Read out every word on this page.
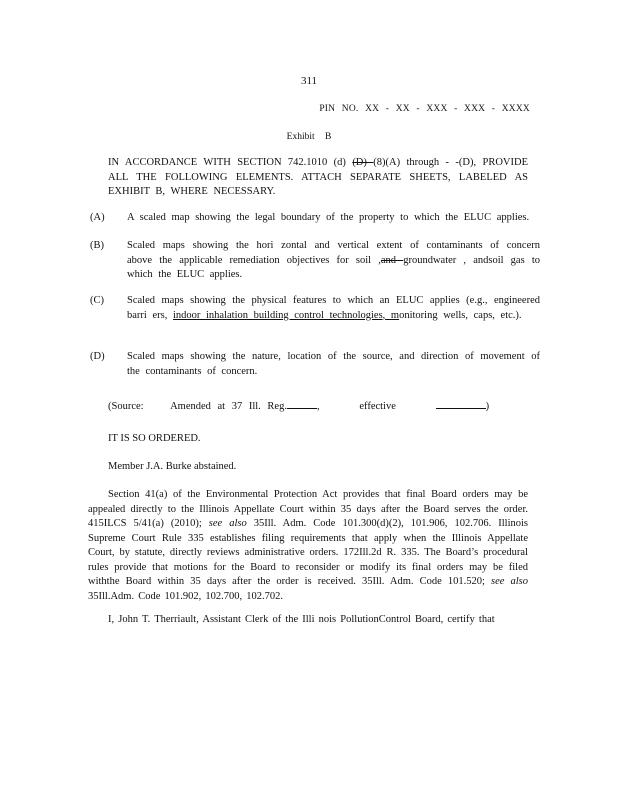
311
PIN NO. XX - XX - XXX - XXX - XXXX
Exhibit B
IN ACCORDANCE WITH SECTION 742.1010 (d) (D) (8)(A) through - -(D), PROVIDE ALL THE FOLLOWING ELEMENTS. ATTACH SEPARATE SHEETS, LABELED AS EXHIBIT B, WHERE NECESSARY.
(A)	A scaled map showing the legal boundary of the property to which the ELUC applies.
(B)	Scaled maps showing the hori zontal and vertical extent of contaminants of concern above the applicable remediation objectives for soil ,and groundwater , andsoil gas to which the ELUC applies.
(C)	Scaled maps showing the physical features to which an ELUC applies (e.g., engineered barri ers, indoor inhalation building control technologies, monitoring wells, caps, etc.).
(D)	Scaled maps showing the nature, location of the source, and direction of movement of the contaminants of concern.
(Source:	Amended at 37 Ill. Reg.	,      effective	)
IT IS SO ORDERED.
Member J.A. Burke abstained.
Section 41(a) of the Environmental Protection Act provides that final Board orders may be appealed directly to the Illinois Appellate Court within 35 days after the Board serves the order. 415ILCS 5/41(a) (2010); see also 35Ill. Adm. Code 101.300(d)(2), 101.906, 102.706. Illinois Supreme Court Rule 335 establishes filing requirements that apply when the Illinois Appellate Court, by statute, directly reviews administrative orders. 172Ill.2d R. 335. The Board’s procedural rules provide that motions for the Board to reconsider or modify its final orders may be filed withthe Board within 35 days after the order is received. 35Ill. Adm. Code 101.520; see also 35Ill.Adm. Code 101.902, 102.700, 102.702.
I, John T. Therriault, Assistant Clerk of the Illi nois PollutionControl Board, certify that
